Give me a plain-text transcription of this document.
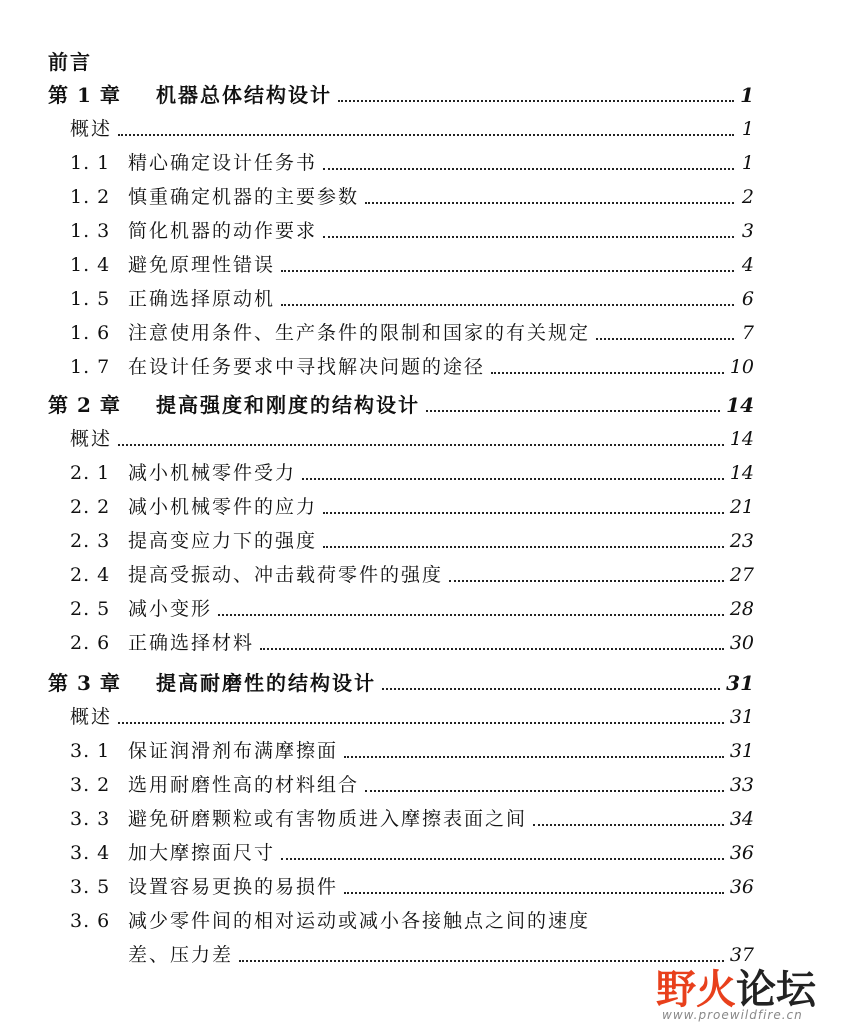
前言
第 1 章	机器总体结构设计	1
概述	1
1. 1 精心确定设计任务书	1
1. 2 慎重确定机器的主要参数	2
1. 3 简化机器的动作要求	3
1. 4 避免原理性错误	4
1. 5 正确选择原动机	6
1. 6 注意使用条件、生产条件的限制和国家的有关规定	7
1. 7 在设计任务要求中寻找解决问题的途径	10
第 2 章	提高强度和刚度的结构设计	14
概述	14
2. 1 减小机械零件受力	14
2. 2 减小机械零件的应力	21
2. 3 提高变应力下的强度	23
2. 4 提高受振动、冲击载荷零件的强度	27
2. 5 减小变形	28
2. 6 正确选择材料	30
第 3 章	提高耐磨性的结构设计	31
概述	31
3. 1 保证润滑剂布满摩擦面	31
3. 2 选用耐磨性高的材料组合	33
3. 3 避免研磨颗粒或有害物质进入摩擦表面之间	34
3. 4 加大摩擦面尺寸	36
3. 5 设置容易更换的易损件	36
3. 6 减少零件间的相对运动或减小各接触点之间的速度
差、压力差	37
野火论坛
www.proewildfire.cn
